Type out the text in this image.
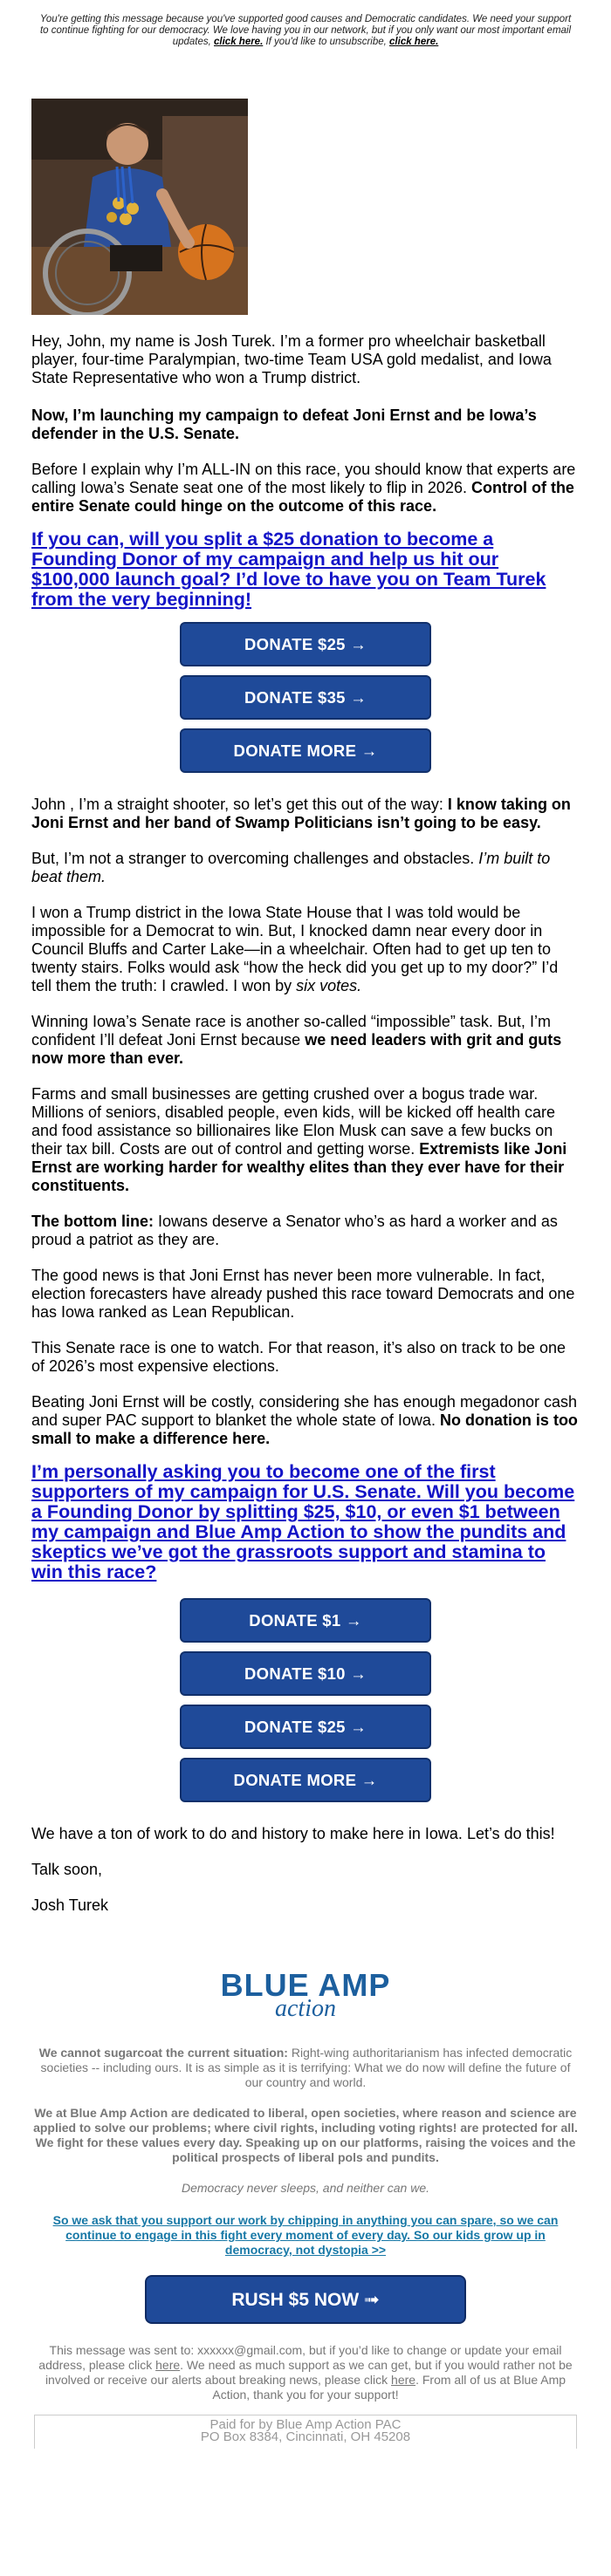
You're getting this message because you've supported good causes and Democratic candidates. We need your support to continue fighting for our democracy. We love having you in our network, but if you only want our most important email updates, click here. If you'd like to unsubscribe, click here.

Hey, John, my name is Josh Turek. I’m a former pro wheelchair basketball player, four-time Paralympian, two-time Team USA gold medalist, and Iowa State Representative who won a Trump district.

Now, I’m launching my campaign to defeat Joni Ernst and be Iowa’s defender in the U.S. Senate.

Before I explain why I’m ALL-IN on this race, you should know that experts are calling Iowa’s Senate seat one of the most likely to flip in 2026. Control of the entire Senate could hinge on the outcome of this race.

If you can, will you split a $25 donation to become a Founding Donor of my campaign and help us hit our $100,000 launch goal? I’d love to have you on Team Turek from the very beginning!

DONATE $25 →
DONATE $35 →
DONATE MORE →

John , I’m a straight shooter, so let’s get this out of the way: I know taking on Joni Ernst and her band of Swamp Politicians isn’t going to be easy.

But, I’m not a stranger to overcoming challenges and obstacles. I’m built to beat them.

I won a Trump district in the Iowa State House that I was told would be impossible for a Democrat to win. But, I knocked damn near every door in Council Bluffs and Carter Lake—in a wheelchair. Often had to get up ten to twenty stairs. Folks would ask “how the heck did you get up to my door?” I’d tell them the truth: I crawled. I won by six votes.

Winning Iowa’s Senate race is another so-called “impossible” task. But, I’m confident I’ll defeat Joni Ernst because we need leaders with grit and guts now more than ever.

Farms and small businesses are getting crushed over a bogus trade war. Millions of seniors, disabled people, even kids, will be kicked off health care and food assistance so billionaires like Elon Musk can save a few bucks on their tax bill. Costs are out of control and getting worse. Extremists like Joni Ernst are working harder for wealthy elites than they ever have for their constituents.

The bottom line: Iowans deserve a Senator who’s as hard a worker and as proud a patriot as they are.

The good news is that Joni Ernst has never been more vulnerable. In fact, election forecasters have already pushed this race toward Democrats and one has Iowa ranked as Lean Republican.

This Senate race is one to watch. For that reason, it’s also on track to be one of 2026’s most expensive elections.

Beating Joni Ernst will be costly, considering she has enough megadonor cash and super PAC support to blanket the whole state of Iowa. No donation is too small to make a difference here.

I’m personally asking you to become one of the first supporters of my campaign for U.S. Senate. Will you become a Founding Donor by splitting $25, $10, or even $1 between my campaign and Blue Amp Action to show the pundits and skeptics we’ve got the grassroots support and stamina to win this race?

DONATE $1 →
DONATE $10 →
DONATE $25 →
DONATE MORE →

We have a ton of work to do and history to make here in Iowa. Let’s do this!

Talk soon,

Josh Turek

BLUE AMP
action

We cannot sugarcoat the current situation: Right-wing authoritarianism has infected democratic societies -- including ours. It is as simple as it is terrifying: What we do now will define the future of our country and world.

We at Blue Amp Action are dedicated to liberal, open societies, where reason and science are applied to solve our problems; where civil rights, including voting rights! are protected for all. We fight for these values every day. Speaking up on our platforms, raising the voices and the political prospects of liberal pols and pundits.

Democracy never sleeps, and neither can we.

So we ask that you support our work by chipping in anything you can spare, so we can continue to engage in this fight every moment of every day. So our kids grow up in democracy, not dystopia >>

RUSH $5 NOW ➟

This message was sent to: xxxxxx@gmail.com, but if you’d like to change or update your email address, please click here. We need as much support as we can get, but if you would rather not be involved or receive our alerts about breaking news, please click here. From all of us at Blue Amp Action, thank you for your support!

Paid for by Blue Amp Action PAC
PO Box 8384, Cincinnati, OH 45208
